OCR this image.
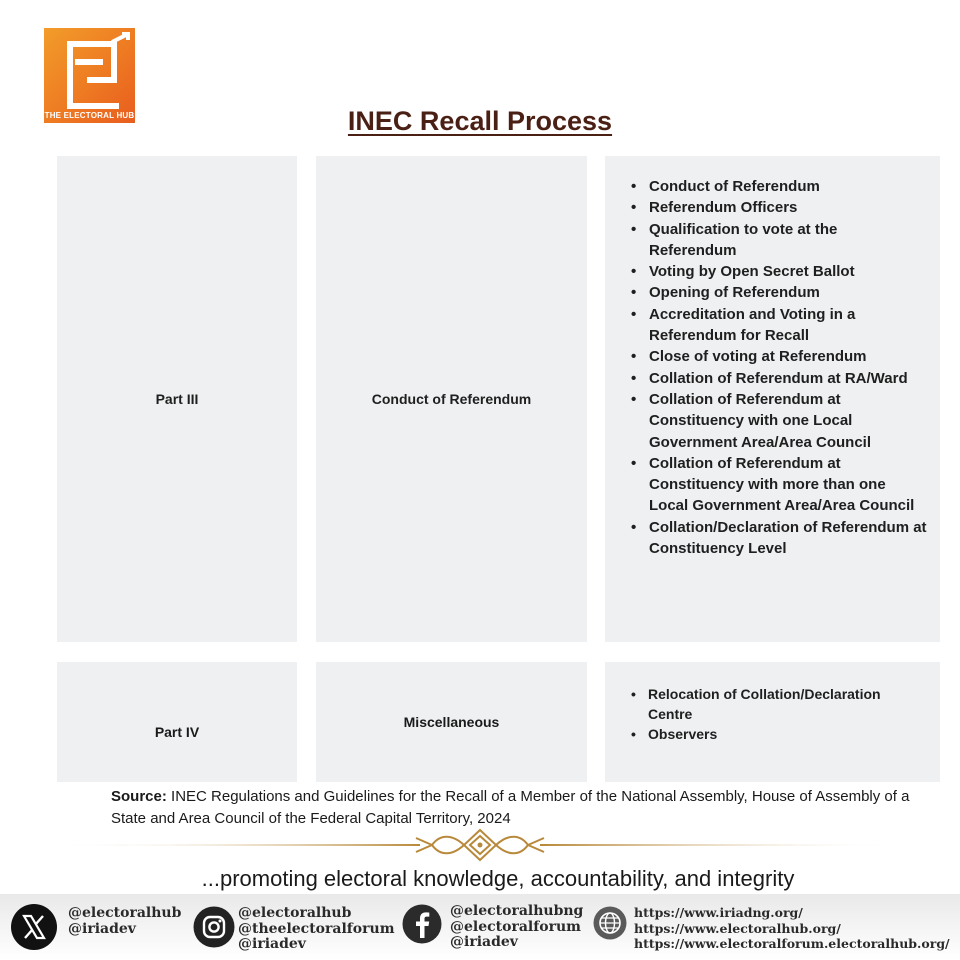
THE ELECTORAL HUB	INEC Recall Process
Part III	Conduct of Referendum
• Conduct of Referendum
• Referendum Officers
• Qualification to vote at the Referendum
• Voting by Open Secret Ballot
• Opening of Referendum
• Accreditation and Voting in a Referendum for Recall
• Close of voting at Referendum
• Collation of Referendum at RA/Ward
• Collation of Referendum at Constituency with one Local Government Area/Area Council
• Collation of Referendum at Constituency with more than one Local Government Area/Area Council
• Collation/Declaration of Referendum at Constituency Level
Part IV
Miscellaneous
• Relocation of Collation/Declaration Centre
• Observers
Source: INEC Regulations and Guidelines for the Recall of a Member of the National Assembly, House of Assembly of a State and Area Council of the Federal Capital Territory, 2024
...promoting electoral knowledge, accountability, and integrity
@electoralhub
@iriadev
@electoralhub
@theelectoralforum
@iriadev
@electoralhubng
@electoralforum
@iriadev
https://www.iriadng.org/
https://www.electoralhub.org/
https://www.electoralforum.electoralhub.org/
